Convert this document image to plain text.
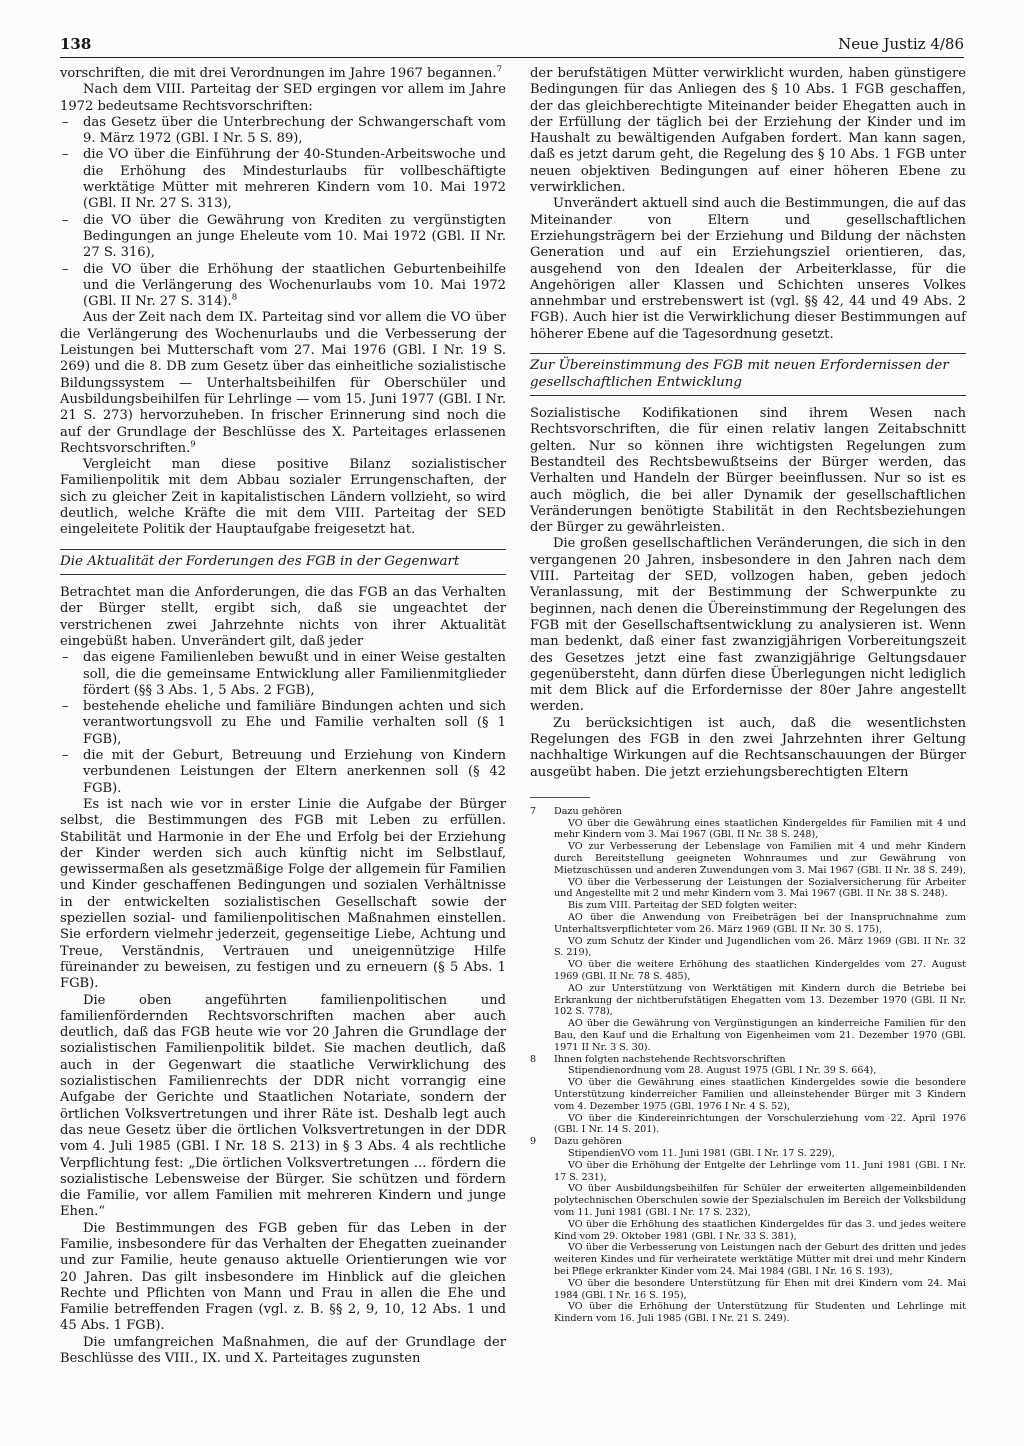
138	Neue Justiz 4/86

vorschriften, die mit drei Verordnungen im Jahre 1967 begannen.$^7$

Nach dem VIII. Parteitag der SED ergingen vor allem im Jahre 1972 bedeutsame Rechtsvorschriften:

– das Gesetz über die Unterbrechung der Schwangerschaft vom 9. März 1972 (GBl. I Nr. 5 S. 89),
– die VO über die Einführung der 40-Stunden-Arbeitswoche und die Erhöhung des Mindesturlaubs für vollbeschäftigte werktätige Mütter mit mehreren Kindern vom 10. Mai 1972 (GBl. II Nr. 27 S. 313),
– die VO über die Gewährung von Krediten zu vergünstigten Bedingungen an junge Eheleute vom 10. Mai 1972 (GBl. II Nr. 27 S. 316),
– die VO über die Erhöhung der staatlichen Geburtenbeihilfe und die Verlängerung des Wochenurlaubs vom 10. Mai 1972 (GBl. II Nr. 27 S. 314).$^8$

Aus der Zeit nach dem IX. Parteitag sind vor allem die VO über die Verlängerung des Wochenurlaubs und die Verbesserung der Leistungen bei Mutterschaft vom 27. Mai 1976 (GBl. I Nr. 19 S. 269) und die 8. DB zum Gesetz über das einheitliche sozialistische Bildungssystem — Unterhaltsbeihilfen für Oberschüler und Ausbildungsbeihilfen für Lehrlinge — vom 15. Juni 1977 (GBl. I Nr. 21 S. 273) hervorzuheben. In frischer Erinnerung sind noch die auf der Grundlage der Beschlüsse des X. Parteitages erlassenen Rechtsvorschriften.$^9$

Vergleicht man diese positive Bilanz sozialistischer Familienpolitik mit dem Abbau sozialer Errungenschaften, der sich zu gleicher Zeit in kapitalistischen Ländern vollzieht, so wird deutlich, welche Kräfte die mit dem VIII. Parteitag der SED eingeleitete Politik der Hauptaufgabe freigesetzt hat.

Die Aktualität der Forderungen des FGB in der Gegenwart

Betrachtet man die Anforderungen, die das FGB an das Verhalten der Bürger stellt, ergibt sich, daß sie ungeachtet der verstrichenen zwei Jahrzehnte nichts von ihrer Aktualität eingebüßt haben. Unverändert gilt, daß jeder

– das eigene Familienleben bewußt und in einer Weise gestalten soll, die die gemeinsame Entwicklung aller Familienmitglieder fördert (§§ 3 Abs. 1, 5 Abs. 2 FGB),
– bestehende eheliche und familiäre Bindungen achten und sich verantwortungsvoll zu Ehe und Familie verhalten soll (§ 1 FGB),
– die mit der Geburt, Betreuung und Erziehung von Kindern verbundenen Leistungen der Eltern anerkennen soll (§ 42 FGB).

Es ist nach wie vor in erster Linie die Aufgabe der Bürger selbst, die Bestimmungen des FGB mit Leben zu erfüllen. Stabilität und Harmonie in der Ehe und Erfolg bei der Erziehung der Kinder werden sich auch künftig nicht im Selbstlauf, gewissermaßen als gesetzmäßige Folge der allgemein für Familien und Kinder geschaffenen Bedingungen und sozialen Verhältnisse in der entwickelten sozialistischen Gesellschaft sowie der speziellen sozial- und familienpolitischen Maßnahmen einstellen. Sie erfordern vielmehr jederzeit, gegenseitige Liebe, Achtung und Treue, Verständnis, Vertrauen und uneigennützige Hilfe füreinander zu beweisen, zu festigen und zu erneuern (§ 5 Abs. 1 FGB).

Die oben angeführten familienpolitischen und familienfördernden Rechtsvorschriften machen aber auch deutlich, daß das FGB heute wie vor 20 Jahren die Grundlage der sozialistischen Familienpolitik bildet. Sie machen deutlich, daß auch in der Gegenwart die staatliche Verwirklichung des sozialistischen Familienrechts der DDR nicht vorrangig eine Aufgabe der Gerichte und Staatlichen Notariate, sondern der örtlichen Volksvertretungen und ihrer Räte ist. Deshalb legt auch das neue Gesetz über die örtlichen Volksvertretungen in der DDR vom 4. Juli 1985 (GBl. I Nr. 18 S. 213) in § 3 Abs. 4 als rechtliche Verpflichtung fest: „Die örtlichen Volksvertretungen ... fördern die sozialistische Lebensweise der Bürger. Sie schützen und fördern die Familie, vor allem Familien mit mehreren Kindern und junge Ehen.“

Die Bestimmungen des FGB geben für das Leben in der Familie, insbesondere für das Verhalten der Ehegatten zueinander und zur Familie, heute genauso aktuelle Orientierungen wie vor 20 Jahren. Das gilt insbesondere im Hinblick auf die gleichen Rechte und Pflichten von Mann und Frau in allen die Ehe und Familie betreffenden Fragen (vgl. z. B. §§ 2, 9, 10, 12 Abs. 1 und 45 Abs. 1 FGB).

Die umfangreichen Maßnahmen, die auf der Grundlage der Beschlüsse des VIII., IX. und X. Parteitages zugunsten

der berufstätigen Mütter verwirklicht wurden, haben günstigere Bedingungen für das Anliegen des § 10 Abs. 1 FGB geschaffen, der das gleichberechtigte Miteinander beider Ehegatten auch in der Erfüllung der täglich bei der Erziehung der Kinder und im Haushalt zu bewältigenden Aufgaben fordert. Man kann sagen, daß es jetzt darum geht, die Regelung des § 10 Abs. 1 FGB unter neuen objektiven Bedingungen auf einer höheren Ebene zu verwirklichen.

Unverändert aktuell sind auch die Bestimmungen, die auf das Miteinander von Eltern und gesellschaftlichen Erziehungsträgern bei der Erziehung und Bildung der nächsten Generation und auf ein Erziehungsziel orientieren, das, ausgehend von den Idealen der Arbeiterklasse, für die Angehörigen aller Klassen und Schichten unseres Volkes annehmbar und erstrebenswert ist (vgl. §§ 42, 44 und 49 Abs. 2 FGB). Auch hier ist die Verwirklichung dieser Bestimmungen auf höherer Ebene auf die Tagesordnung gesetzt.

Zur Übereinstimmung des FGB mit neuen Erfordernissen der gesellschaftlichen Entwicklung

Sozialistische Kodifikationen sind ihrem Wesen nach Rechtsvorschriften, die für einen relativ langen Zeitabschnitt gelten. Nur so können ihre wichtigsten Regelungen zum Bestandteil des Rechtsbewußtseins der Bürger werden, das Verhalten und Handeln der Bürger beeinflussen. Nur so ist es auch möglich, die bei aller Dynamik der gesellschaftlichen Veränderungen benötigte Stabilität in den Rechtsbeziehungen der Bürger zu gewährleisten.

Die großen gesellschaftlichen Veränderungen, die sich in den vergangenen 20 Jahren, insbesondere in den Jahren nach dem VIII. Parteitag der SED, vollzogen haben, geben jedoch Veranlassung, mit der Bestimmung der Schwerpunkte zu beginnen, nach denen die Übereinstimmung der Regelungen des FGB mit der Gesellschaftsentwicklung zu analysieren ist. Wenn man bedenkt, daß einer fast zwanzigjährigen Vorbereitungszeit des Gesetzes jetzt eine fast zwanzigjährige Geltungsdauer gegenübersteht, dann dürfen diese Überlegungen nicht lediglich mit dem Blick auf die Erfordernisse der 80er Jahre angestellt werden.

Zu berücksichtigen ist auch, daß die wesentlichsten Regelungen des FGB in den zwei Jahrzehnten ihrer Geltung nachhaltige Wirkungen auf die Rechtsanschauungen der Bürger ausgeübt haben. Die jetzt erziehungsberechtigten Eltern

7 Dazu gehören
VO über die Gewährung eines staatlichen Kindergeldes für Familien mit 4 und mehr Kindern vom 3. Mai 1967 (GBl. II Nr. 38 S. 248),
VO zur Verbesserung der Lebenslage von Familien mit 4 und mehr Kindern durch Bereitstellung geeigneten Wohnraumes und zur Gewährung von Mietzuschüssen und anderen Zuwendungen vom 3. Mai 1967 (GBl. II Nr. 38 S. 249),
VO über die Verbesserung der Leistungen der Sozialversicherung für Arbeiter und Angestellte mit 2 und mehr Kindern vom 3. Mai 1967 (GBl. II Nr. 38 S. 248).
Bis zum VIII. Parteitag der SED folgten weiter:
AO über die Anwendung von Freibeträgen bei der Inanspruchnahme zum Unterhaltsverpflichteter vom 26. März 1969 (GBl. II Nr. 30 S. 175),
VO zum Schutz der Kinder und Jugendlichen vom 26. März 1969 (GBl. II Nr. 32 S. 219),
VO über die weitere Erhöhung des staatlichen Kindergeldes vom 27. August 1969 (GBl. II Nr. 78 S. 485),
AO zur Unterstützung von Werktätigen mit Kindern durch die Betriebe bei Erkrankung der nichtberufstätigen Ehegatten vom 13. Dezember 1970 (GBl. II Nr. 102 S. 778),
AO über die Gewährung von Vergünstigungen an kinderreiche Familien für den Bau, den Kauf und die Erhaltung von Eigenheimen vom 21. Dezember 1970 (GBl. 1971 II Nr. 3 S. 30).
8 Ihnen folgten nachstehende Rechtsvorschriften
Stipendienordnung vom 28. August 1975 (GBl. I Nr. 39 S. 664),
VO über die Gewährung eines staatlichen Kindergeldes sowie die besondere Unterstützung kinderreicher Familien und alleinstehender Bürger mit 3 Kindern vom 4. Dezember 1975 (GBl. 1976 I Nr. 4 S. 52),
VO über die Kindereinrichtungen der Vorschulerziehung vom 22. April 1976 (GBl. I Nr. 14 S. 201).
9 Dazu gehören
StipendienVO vom 11. Juni 1981 (GBl. I Nr. 17 S. 229),
VO über die Erhöhung der Entgelte der Lehrlinge vom 11. Juni 1981 (GBl. I Nr. 17 S. 231),
VO über Ausbildungsbeihilfen für Schüler der erweiterten allgemeinbildenden polytechnischen Oberschulen sowie der Spezialschulen im Bereich der Volksbildung vom 11. Juni 1981 (GBl. I Nr. 17 S. 232),
VO über die Erhöhung des staatlichen Kindergeldes für das 3. und jedes weitere Kind vom 29. Oktober 1981 (GBl. I Nr. 33 S. 381),
VO über die Verbesserung von Leistungen nach der Geburt des dritten und jedes weiteren Kindes und für verheiratete werktätige Mütter mit drei und mehr Kindern bei Pflege erkrankter Kinder vom 24. Mai 1984 (GBl. I Nr. 16 S. 193),
VO über die besondere Unterstützung für Ehen mit drei Kindern vom 24. Mai 1984 (GBl. I Nr. 16 S. 195),
VO über die Erhöhung der Unterstützung für Studenten und Lehrlinge mit Kindern vom 16. Juli 1985 (GBl. I Nr. 21 S. 249).
